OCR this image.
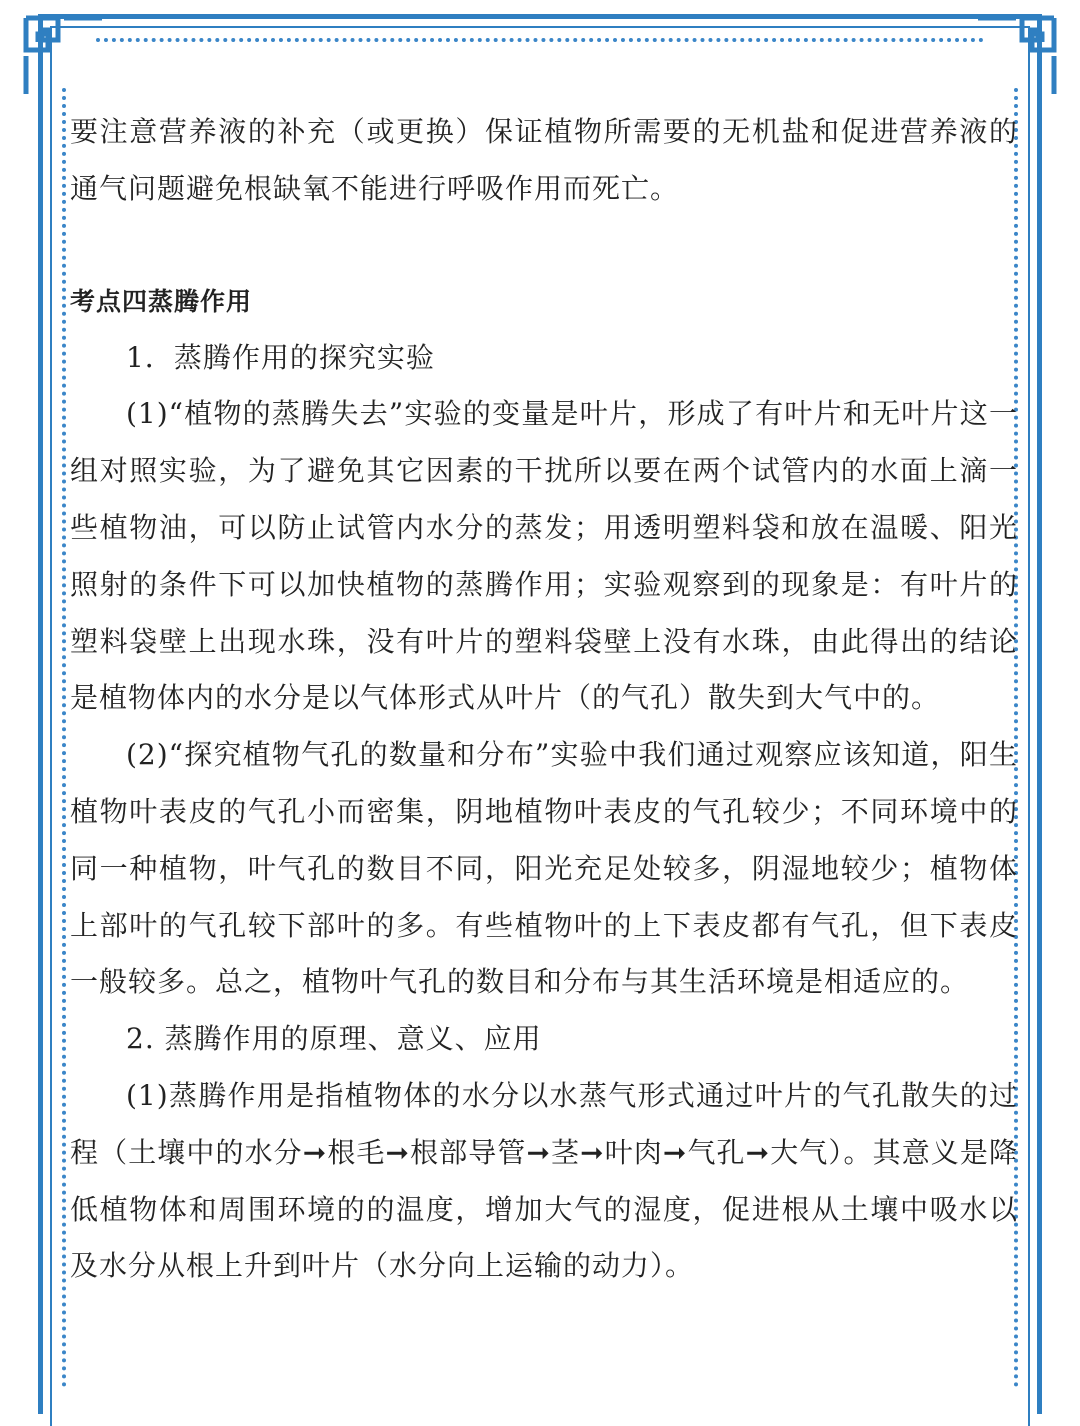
要注意营养液的补充（或更换）保证植物所需要的无机盐和促进营养液的通气问题避免根缺氧不能进行呼吸作用而死亡。

考点四蒸腾作用

1．蒸腾作用的探究实验

(1)“植物的蒸腾失去”实验的变量是叶片，形成了有叶片和无叶片这一组对照实验，为了避免其它因素的干扰所以要在两个试管内的水面上滴一些植物油，可以防止试管内水分的蒸发；用透明塑料袋和放在温暖、阳光照射的条件下可以加快植物的蒸腾作用；实验观察到的现象是：有叶片的塑料袋壁上出现水珠，没有叶片的塑料袋壁上没有水珠，由此得出的结论是植物体内的水分是以气体形式从叶片（的气孔）散失到大气中的。

(2)“探究植物气孔的数量和分布”实验中我们通过观察应该知道，阳生植物叶表皮的气孔小而密集，阴地植物叶表皮的气孔较少；不同环境中的同一种植物，叶气孔的数目不同，阳光充足处较多，阴湿地较少；植物体上部叶的气孔较下部叶的多。有些植物叶的上下表皮都有气孔，但下表皮一般较多。总之，植物叶气孔的数目和分布与其生活环境是相适应的。

2. 蒸腾作用的原理、意义、应用

(1)蒸腾作用是指植物体的水分以水蒸气形式通过叶片的气孔散失的过程（土壤中的水分➞根毛➞根部导管➞茎➞叶肉➞气孔➞大气）。其意义是降低植物体和周围环境的的温度，增加大气的湿度，促进根从土壤中吸水以及水分从根上升到叶片（水分向上运输的动力）。
